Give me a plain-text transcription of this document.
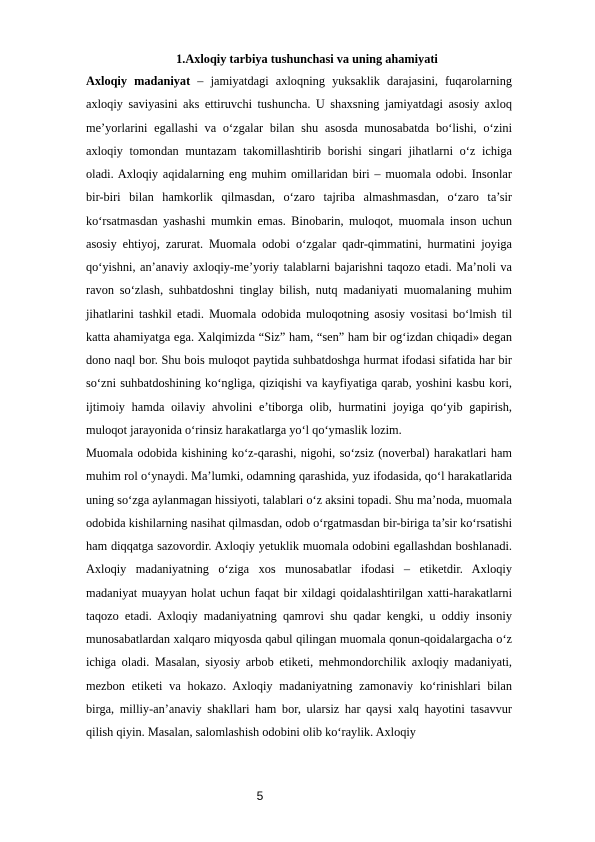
1.Axloqiy tarbiya tushunchasi va uning ahamiyati

Axloqiy madaniyat – jamiyatdagi axloqning yuksaklik darajasini, fuqarolarning axloqiy saviyasini aks ettiruvchi tushuncha. U shaxsning jamiyatdagi asosiy axloq me’yorlarini egallashi va o‘zgalar bilan shu asosda munosabatda bo‘lishi, o‘zini axloqiy tomondan muntazam takomillashtirib borishi singari jihatlarni o‘z ichiga oladi. Axloqiy aqidalarning eng muhim omillaridan biri – muomala odobi. Insonlar bir-biri bilan hamkorlik qilmasdan, o‘zaro tajriba almashmasdan, o‘zaro ta’sir ko‘rsatmasdan yashashi mumkin emas. Binobarin, muloqot, muomala inson uchun asosiy ehtiyoj, zarurat. Muomala odobi o‘zgalar qadr-qimmatini, hurmatini joyiga qo‘yishni, an’anaviy axloqiy-me’yoriy talablarni bajarishni taqozo etadi. Ma’noli va ravon so‘zlash, suhbatdoshni tinglay bilish, nutq madaniyati muomalaning muhim jihatlarini tashkil etadi. Muomala odobida muloqotning asosiy vositasi bo‘lmish til katta ahamiyatga ega. Xalqimizda “Siz” ham, “sen” ham bir og‘izdan chiqadi» degan dono naql bor. Shu bois muloqot paytida suhbatdoshga hurmat ifodasi sifatida har bir so‘zni suhbatdoshining ko‘ngliga, qiziqishi va kayfiyatiga qarab, yoshini kasbu kori, ijtimoiy hamda oilaviy ahvolini e’tiborga olib, hurmatini joyiga qo‘yib gapirish, muloqot jarayonida o‘rinsiz harakatlarga yo‘l qo‘ymaslik lozim.

Muomala odobida kishining ko‘z-qarashi, nigohi, so‘zsiz (noverbal) harakatlari ham muhim rol o‘ynaydi. Ma’lumki, odamning qarashida, yuz ifodasida, qo‘l harakatlarida uning so‘zga aylanmagan hissiyoti, talablari o‘z aksini topadi. Shu ma’noda, muomala odobida kishilarning nasihat qilmasdan, odob o‘rgatmasdan bir-biriga ta’sir ko‘rsatishi ham diqqatga sazovordir. Axloqiy yetuklik muomala odobini egallashdan boshlanadi. Axloqiy madaniyatning o‘ziga xos munosabatlar ifodasi – etiketdir. Axloqiy madaniyat muayyan holat uchun faqat bir xildagi qoidalashtirilgan xatti-harakatlarni taqozo etadi. Axloqiy madaniyatning qamrovi shu qadar kengki, u oddiy insoniy munosabatlardan xalqaro miqyosda qabul qilingan muomala qonun-qoidalargacha o‘z ichiga oladi. Masalan, siyosiy arbob etiketi, mehmondorchilik axloqiy madaniyati, mezbon etiketi va hokazo. Axloqiy madaniyatning zamonaviy ko‘rinishlari bilan birga, milliy-an’anaviy shakllari ham bor, ularsiz har qaysi xalq hayotini tasavvur qilish qiyin. Masalan, salomlashish odobini olib ko‘raylik. Axloqiy

5
